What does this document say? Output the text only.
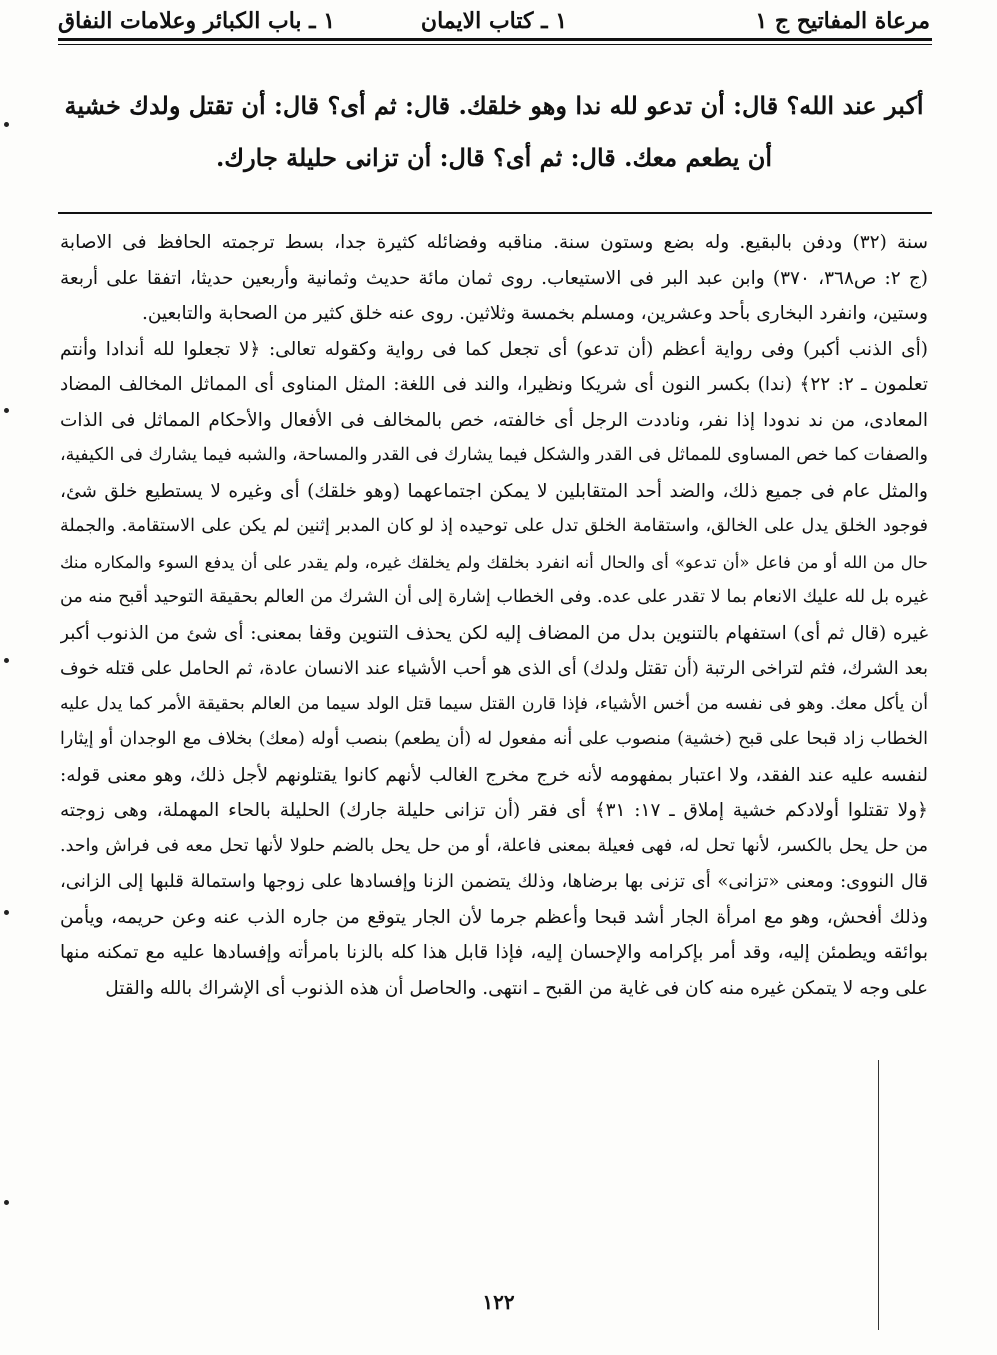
مرعاة المفاتيح ج ١
١ ـ كتاب الايمان
١ ـ باب الكبائر وعلامات النفاق
أكبر عند الله؟ قال: أن تدعو لله ندا وهو خلقك. قال: ثم أى؟ قال: أن تقتل ولدك خشية
أن يطعم معك. قال: ثم أى؟ قال: أن تزانى حليلة جارك.
سنة (٣٢) ودفن بالبقيع. وله بضع وستون سنة. مناقبه وفضائله كثيرة جدا، بسط ترجمته الحافظ فى الاصابة
(ج ٢: ص٣٦٨، ٣٧٠) وابن عبد البر فى الاستيعاب. روى ثمان مائة حديث وثمانية وأربعين حديثا، اتفقا على أربعة
وستين، وانفرد البخارى بأحد وعشرين، ومسلم بخمسة وثلاثين. روى عنه خلق كثير من الصحابة والتابعين.
(أى الذنب أكبر) وفى رواية أعظم (أن تدعو) أى تجعل كما فى رواية وكقوله تعالى: ﴿لا تجعلوا لله أندادا وأنتم
تعلمون ـ ٢: ٢٢﴾ (ندا) بكسر النون أى شريكا ونظيرا، والند فى اللغة: المثل المناوى أى المماثل المخالف المضاد
المعادى، من ند ندودا إذا نفر، وناددت الرجل أى خالفته، خص بالمخالف فى الأفعال والأحكام المماثل فى الذات
والصفات كما خص المساوى للمماثل فى القدر والشكل فيما يشارك فى القدر والمساحة، والشبه فيما يشارك فى الكيفية،
والمثل عام فى جميع ذلك، والضد أحد المتقابلين لا يمكن اجتماعهما (وهو خلقك) أى وغيره لا يستطيع خلق شئ،
فوجود الخلق يدل على الخالق، واستقامة الخلق تدل على توحيده إذ لو كان المدبر إثنين لم يكن على الاستقامة. والجملة
حال من الله أو من فاعل «أن تدعو» أى والحال أنه انفرد بخلقك ولم يخلقك غيره، ولم يقدر على أن يدفع السوء والمكاره منك
غيره بل لله عليك الانعام بما لا تقدر على عده. وفى الخطاب إشارة إلى أن الشرك من العالم بحقيقة التوحيد أقبح منه من
غيره (قال ثم أى) استفهام بالتنوين بدل من المضاف إليه لكن يحذف التنوين وقفا بمعنى: أى شئ من الذنوب أكبر
بعد الشرك، فثم لتراخى الرتبة (أن تقتل ولدك) أى الذى هو أحب الأشياء عند الانسان عادة، ثم الحامل على قتله خوف
أن يأكل معك. وهو فى نفسه من أخس الأشياء، فإذا قارن القتل سيما قتل الولد سيما من العالم بحقيقة الأمر كما يدل عليه
الخطاب زاد قبحا على قبح (خشية) منصوب على أنه مفعول له (أن يطعم) بنصب أوله (معك) بخلاف مع الوجدان أو إيثارا
لنفسه عليه عند الفقد، ولا اعتبار بمفهومه لأنه خرج مخرج الغالب لأنهم كانوا يقتلونهم لأجل ذلك، وهو معنى قوله:
﴿ولا تقتلوا أولادكم خشية إملاق ـ ١٧: ٣١﴾ أى فقر (أن تزانى حليلة جارك) الحليلة بالحاء المهملة، وهى زوجته
من حل يحل بالكسر، لأنها تحل له، فهى فعيلة بمعنى فاعلة، أو من حل يحل بالضم حلولا لأنها تحل معه فى فراش واحد.
قال النووى: ومعنى «تزانى» أى تزنى بها برضاها، وذلك يتضمن الزنا وإفسادها على زوجها واستمالة قلبها إلى الزانى،
وذلك أفحش، وهو مع امرأة الجار أشد قبحا وأعظم جرما لأن الجار يتوقع من جاره الذب عنه وعن حريمه، ويأمن
بوائقه ويطمئن إليه، وقد أمر بإكرامه والإحسان إليه، فإذا قابل هذا كله بالزنا بامرأته وإفسادها عليه مع تمكنه منها
على وجه لا يتمكن غيره منه كان فى غاية من القبح ـ انتهى. والحاصل أن هذه الذنوب أى الإشراك بالله والقتل
١٢٢
